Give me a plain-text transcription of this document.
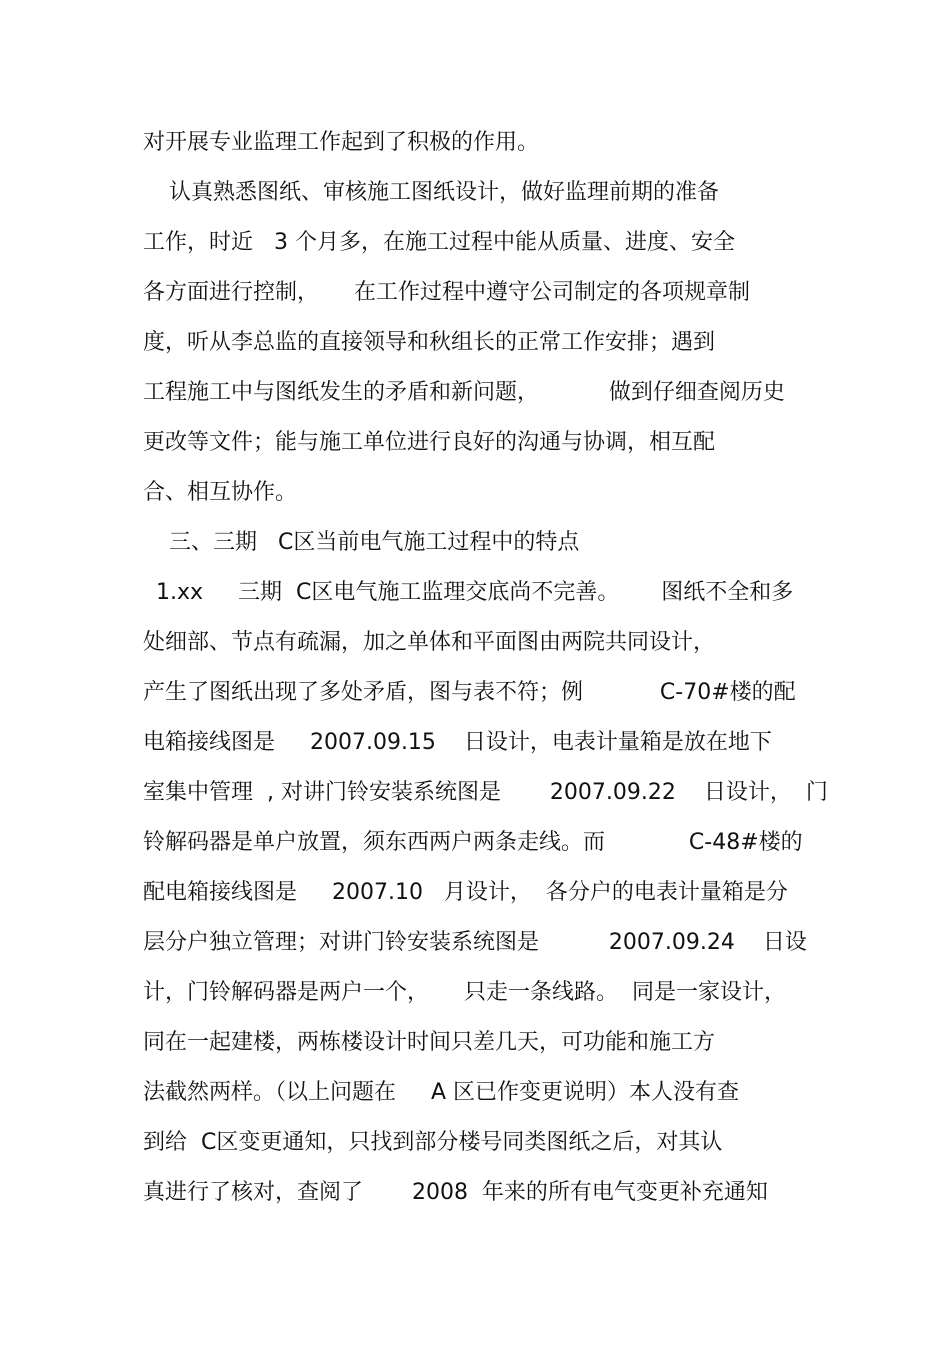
对开展专业监理工作起到了积极的作用。
认真熟悉图纸、审核施工图纸设计，做好监理前期的准备
工作，时近   3 个月多，在施工过程中能从质量、进度、安全
各方面进行控制，     在工作过程中遵守公司制定的各项规章制
度，听从李总监的直接领导和秋组长的正常工作安排；遇到
工程施工中与图纸发生的矛盾和新问题，          做到仔细查阅历史
更改等文件；能与施工单位进行良好的沟通与协调，相互配
合、相互协作。
三、三期   C区当前电气施工过程中的特点
1.xx     三期  C区电气施工监理交底尚不完善。      图纸不全和多
处细部、节点有疏漏，加之单体和平面图由两院共同设计，
产生了图纸出现了多处矛盾，图与表不符；例           C-70#楼的配
电箱接线图是     2007.09.15    日设计，电表计量箱是放在地下
室集中管理  , 对讲门铃安装系统图是       2007.09.22    日设计，  门
铃解码器是单户放置，须东西两户两条走线。而            C-48#楼的
配电箱接线图是     2007.10   月设计，  各分户的电表计量箱是分
层分户独立管理；对讲门铃安装系统图是          2007.09.24    日设
计，门铃解码器是两户一个，     只走一条线路。  同是一家设计，
同在一起建楼，两栋楼设计时间只差几天，可功能和施工方
法截然两样。（以上问题在     A 区已作变更说明）本人没有查
到给  C区变更通知，只找到部分楼号同类图纸之后，对其认
真进行了核对，查阅了       2008  年来的所有电气变更补充通知
